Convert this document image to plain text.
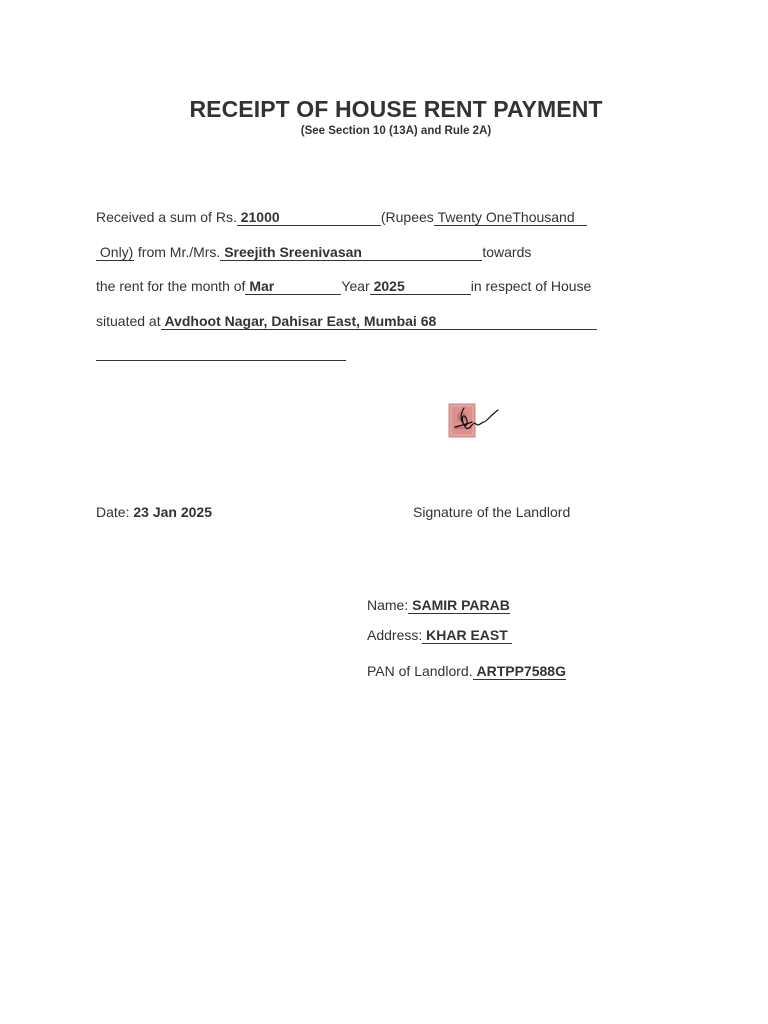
RECEIPT OF HOUSE RENT PAYMENT
(See Section 10 (13A) and Rule 2A)
Received a sum of Rs. 21000	(Rupees Twenty OneThousand
Only) from Mr./Mrs. Sreejith Sreenivasan	towards
the rent for the month of Mar	Year 2025	in respect of House
situated at Avdhoot Nagar, Dahisar East, Mumbai 68
Date: 23 Jan 2025	Signature of the Landlord
Name: SAMIR PARAB
Address: KHAR EAST
PAN of Landlord. ARTPP7588G
